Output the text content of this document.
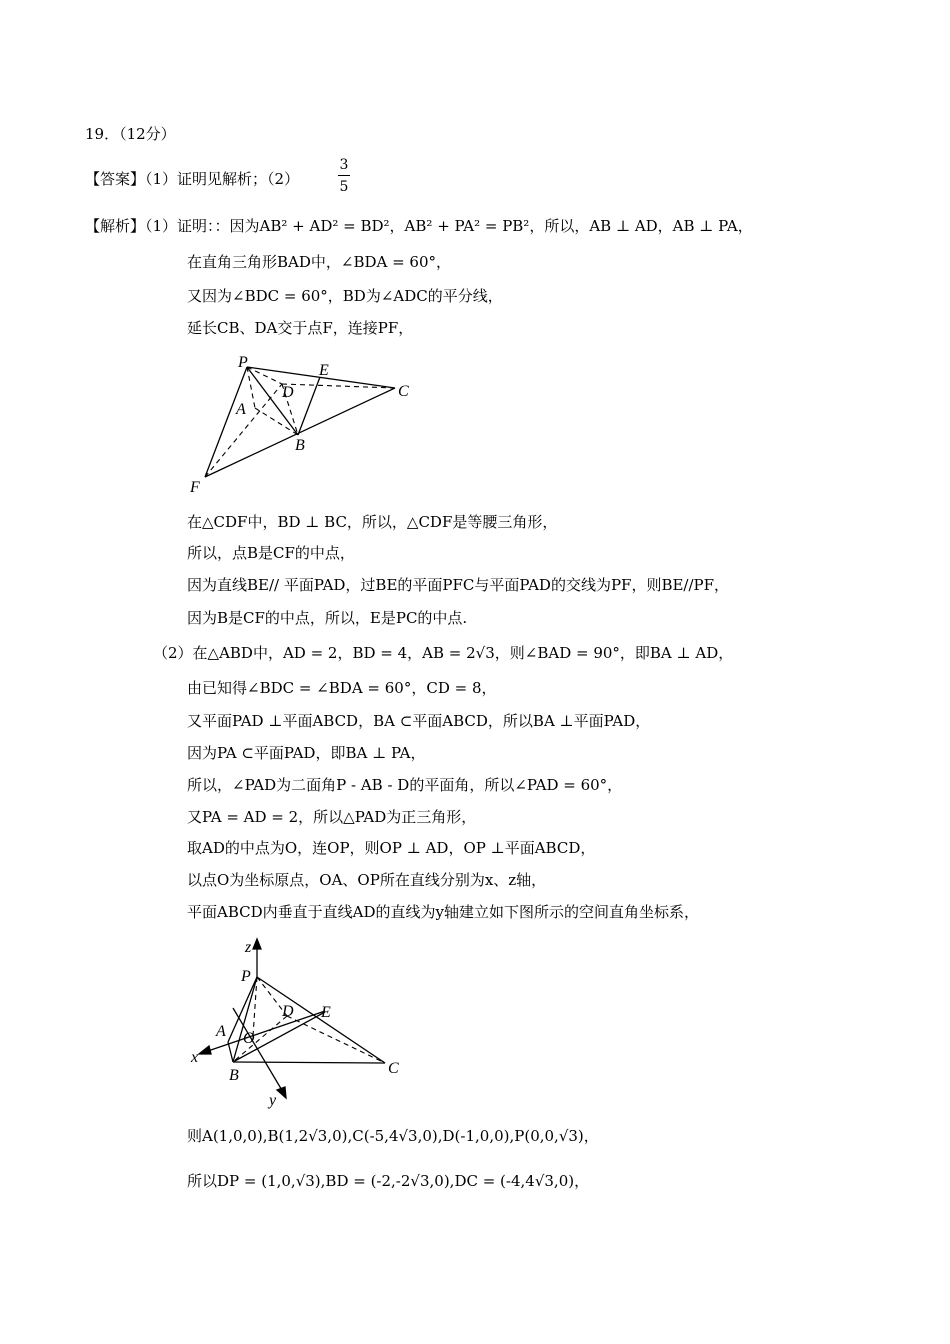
19．（12分）
【答案】（1）证明见解析；（2）
3
5
【解析】（1）证明：：因为AB² + AD² = BD²，AB² + PA² = PB²，所以，AB ⊥ AD，AB ⊥ PA，
在直角三角形BAD中，∠BDA = 60°，
又因为∠BDC = 60°，BD为∠ADC的平分线，
延长CB、DA交于点F，连接PF，
P	E
D	C
A
B
F
在△CDF中，BD ⊥ BC，所以，△CDF是等腰三角形，
所以，点B是CF的中点，
因为直线BE// 平面PAD，过BE的平面PFC与平面PAD的交线为PF，则BE//PF，
因为B是CF的中点，所以，E是PC的中点.
（2）在△ABD中，AD = 2，BD = 4，AB = 2√3，则∠BAD = 90°，即BA ⊥ AD，
由已知得∠BDC = ∠BDA = 60°，CD = 8，
又平面PAD ⊥平面ABCD，BA ⊂平面ABCD，所以BA ⊥平面PAD，
因为PA ⊂平面PAD，即BA ⊥ PA，
所以，∠PAD为二面角P - AB - D的平面角，所以∠PAD = 60°，
又PA = AD = 2，所以△PAD为正三角形，
取AD的中点为O，连OP，则OP ⊥ AD，OP ⊥平面ABCD，
以点O为坐标原点，OA、OP所在直线分别为x、z轴，
平面ABCD内垂直于直线AD的直线为y轴建立如下图所示的空间直角坐标系，
z
P
D E
A O
x
B	C
y
则A(1,0,0),B(1,2√3,0),C(-5,4√3,0),D(-1,0,0),P(0,0,√3)，
所以DP = (1,0,√3),BD = (-2,-2√3,0),DC = (-4,4√3,0)，
